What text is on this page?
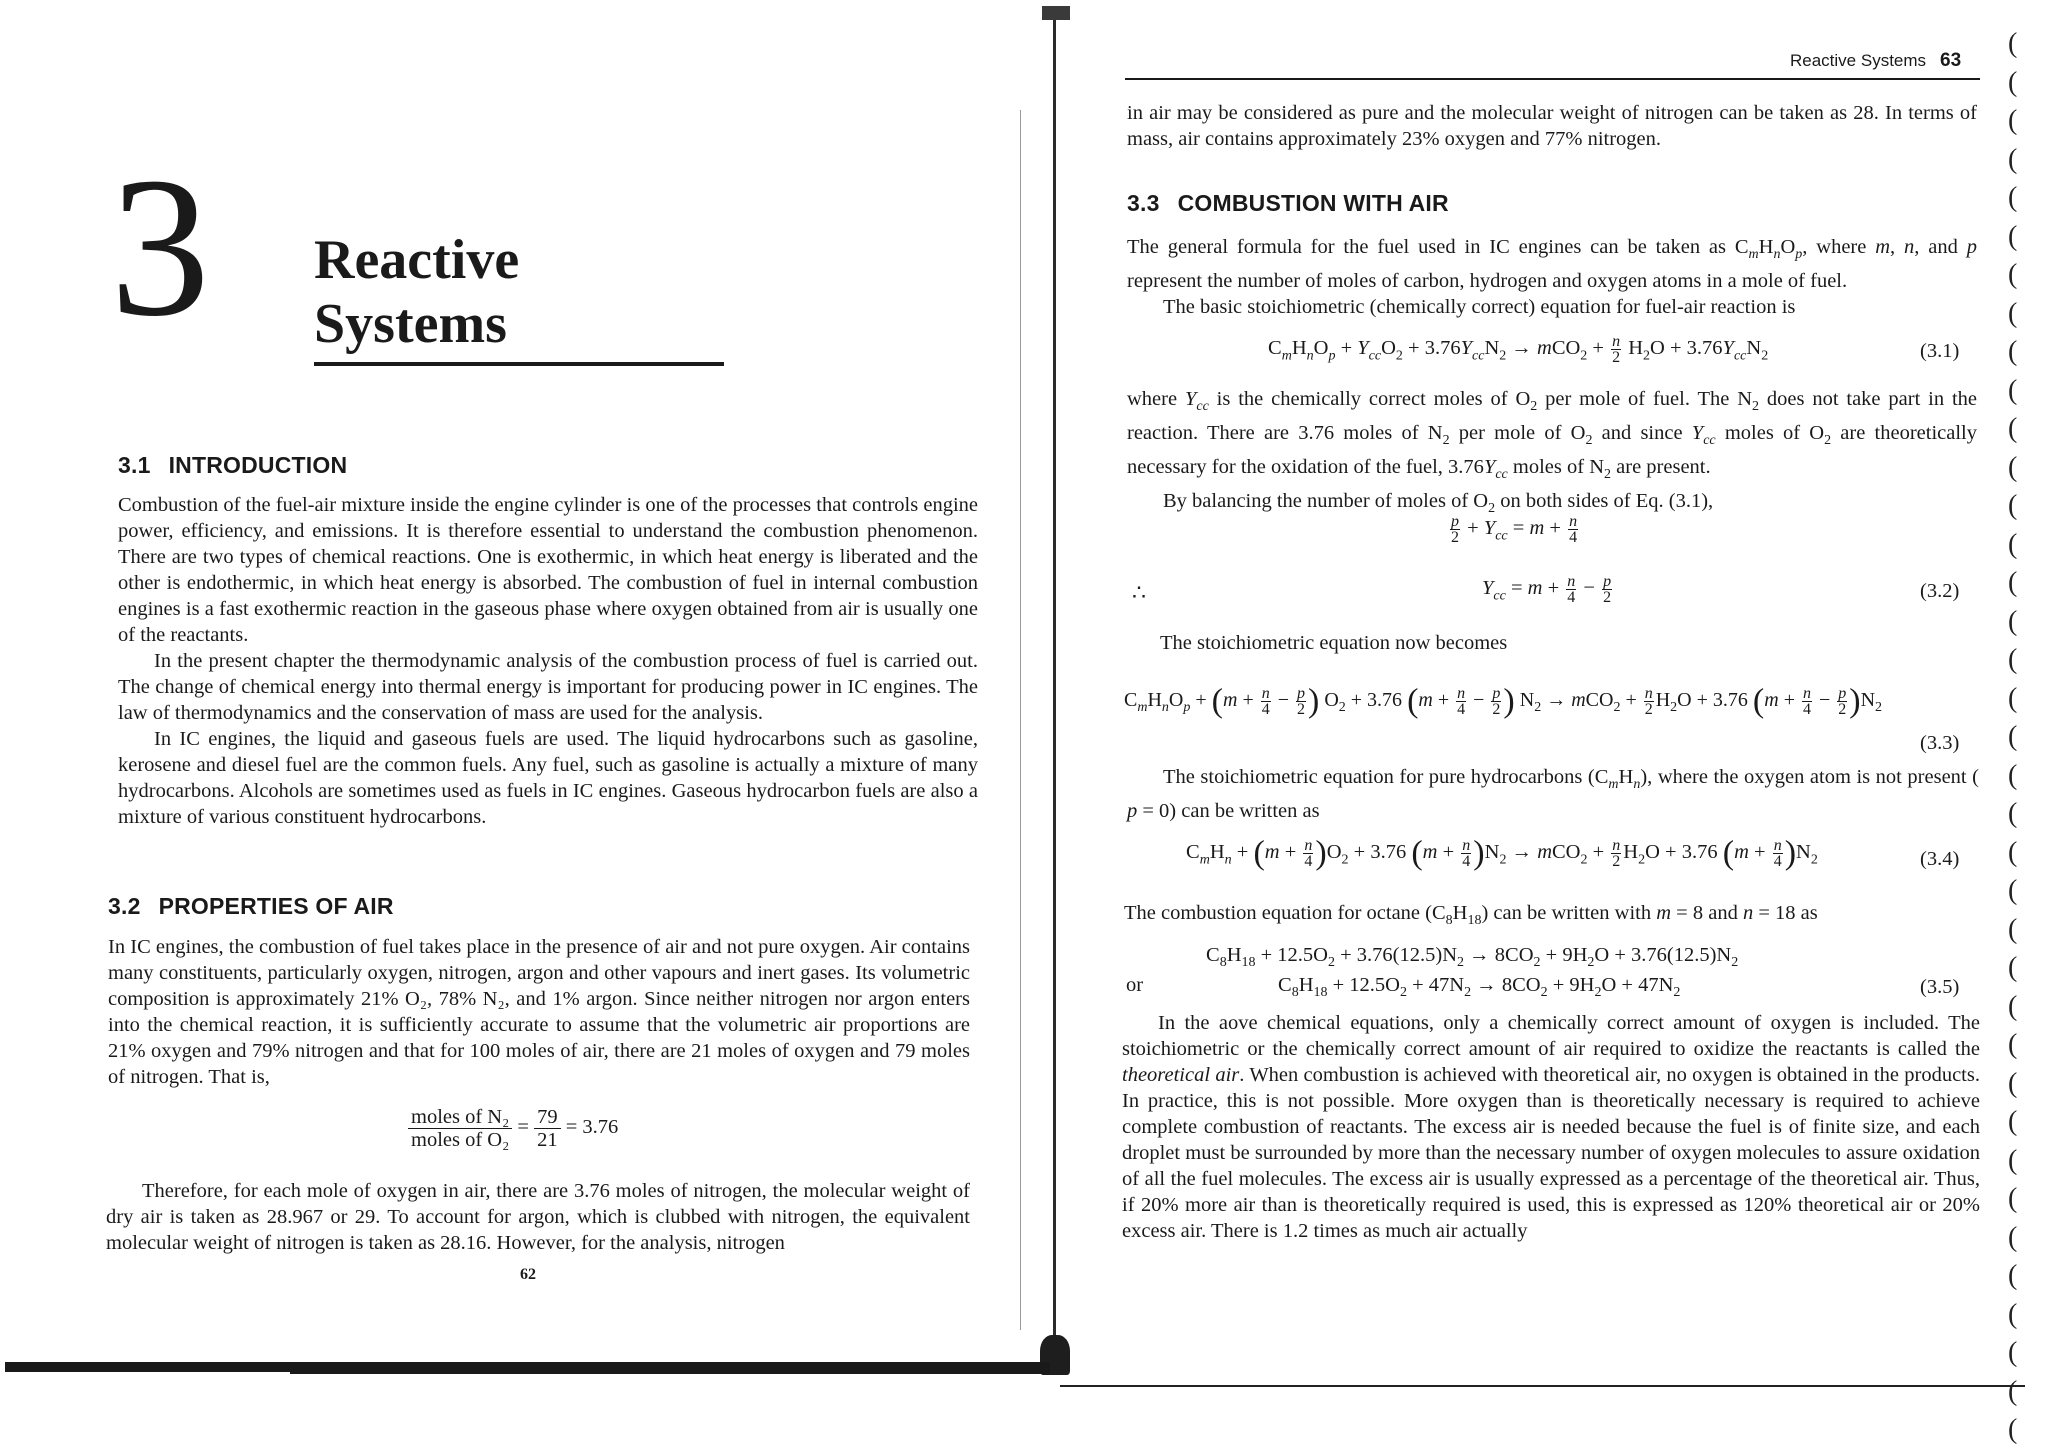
3 Reactive Systems
3.1 INTRODUCTION

Combustion of the fuel-air mixture inside the engine cylinder is one of the processes that controls engine power, efficiency, and emissions. It is therefore essential to understand the combustion phenomenon. There are two types of chemical reactions. One is exothermic, in which heat energy is liberated and the other is endothermic, in which heat energy is absorbed. The combustion of fuel in internal combustion engines is a fast exothermic reaction in the gaseous phase where oxygen obtained from air is usually one of the reactants.

In the present chapter the thermodynamic analysis of the combustion process of fuel is carried out. The change of chemical energy into thermal energy is important for producing power in IC engines. The law of thermodynamics and the conservation of mass are used for the analysis.

In IC engines, the liquid and gaseous fuels are used. The liquid hydrocarbons such as gasoline, kerosene and diesel fuel are the common fuels. Any fuel, such as gasoline is actually a mixture of many hydrocarbons. Alcohols are sometimes used as fuels in IC engines. Gaseous hydrocarbon fuels are also a mixture of various constituent hydrocarbons.

3.2 PROPERTIES OF AIR

In IC engines, the combustion of fuel takes place in the presence of air and not pure oxygen. Air contains many constituents, particularly oxygen, nitrogen, argon and other vapours and inert gases. Its volumetric composition is approximately 21% O₂, 78% N₂, and 1% argon. Since neither nitrogen nor argon enters into the chemical reaction, it is sufficiently accurate to assume that the volumetric air proportions are 21% oxygen and 79% nitrogen and that for 100 moles of air, there are 21 moles of oxygen and 79 moles of nitrogen. That is,

$\frac{\text{moles of N₂}}{\text{moles of O₂}} = \frac{79}{21} = 3.76$

Therefore, for each mole of oxygen in air, there are 3.76 moles of nitrogen, the molecular weight of dry air is taken as 28.967 or 29. To account for argon, which is clubbed with nitrogen, the equivalent molecular weight of nitrogen is taken as 28.16. However, for the analysis, nitrogen

62
Reactive Systems 63

in air may be considered as pure and the molecular weight of nitrogen can be taken as 28. In terms of mass, air contains approximately 23% oxygen and 77% nitrogen.

3.3 COMBUSTION WITH AIR

The general formula for the fuel used in IC engines can be taken as $C_mH_nO_p$, where m, n, and p represent the number of moles of carbon, hydrogen and oxygen atoms in a mole of fuel.

The basic stoichiometric (chemically correct) equation for fuel-air reaction is

$C_mH_nO_p + Y_{cc}O_2 + 3.76Y_{cc}N_2 \to mCO_2 + \frac{n}{2} H_2O + 3.76Y_{cc}N_2$	(3.1)

where $Y_{cc}$ is the chemically correct moles of $O_2$ per mole of fuel. The $N_2$ does not take part in the reaction. There are 3.76 moles of $N_2$ per mole of $O_2$ and since $Y_{cc}$ moles of $O_2$ are theoretically necessary for the oxidation of the fuel, $3.76Y_{cc}$ moles of $N_2$ are present.

By balancing the number of moles of $O_2$ on both sides of Eq. (3.1),

$\frac{p}{2} + Y_{cc} = m + \frac{n}{4}$
∴	$Y_{cc} = m + \frac{n}{4} - \frac{p}{2}$	(3.2)

The stoichiometric equation now becomes

$C_mH_nO_p + (m + \frac{n}{4} - \frac{p}{2}$ ) $O_2 + 3.76$ ($m + \frac{n}{4} - \frac{p}{2}$ ) $N_2 \to mCO_2 + \frac{n}{2} H_2O + 3.76$ $(m + \frac{n}{4} - \frac{p}{2} )N_2$
(3.3)

The stoichiometric equation for pure hydrocarbons $(C_mH_n)$, where the oxygen atom is not present ( p = 0) can be written as

$C_mH_n + (m + \frac{n}{4} )O_2 + 3.76$ $(m + \frac{n}{4} )N_2 \to mCO_2 + \frac{n}{2} H_2O + 3.76$ $(m + \frac{n}{4} )N_2$	(3.4)

The combustion equation for octane $(C_8H_{18})$ can be written with m = 8 and n = 18 as

$C_8H_{18} + 12.5O_2 + 3.76(12.5)N_2 \to 8CO_2 + 9H_2O + 3.76(12.5)N_2$
or	$C_8H_{18} + 12.5O_2 + 47N_2 \to 8CO_2 + 9H_2O + 47N_2$	(3.5)

In the aove chemical equations, only a chemically correct amount of oxygen is included. The stoichiometric or the chemically correct amount of air required to oxidize the reactants is called the theoretical air. When combustion is achieved with theoretical air, no oxygen is obtained in the products. In practice, this is not possible. More oxygen than is theoretically necessary is required to achieve complete combustion of reactants. The excess air is needed because the fuel is of finite size, and each droplet must be surrounded by more than the necessary number of oxygen molecules to assure oxidation of all the fuel molecules. The excess air is usually expressed as a percentage of the theoretical air. Thus, if 20% more air than is theoretically required is used, this is expressed as 120% theoretical air or 20% excess air. There is 1.2 times as much air actually

(
(
(
(
(
(
(
(
(
(
(
(
(
(
(
(
(
(
(
(
(
(
(
(
(
(
(
(
(
(
(
(
(
(
(
(
(
